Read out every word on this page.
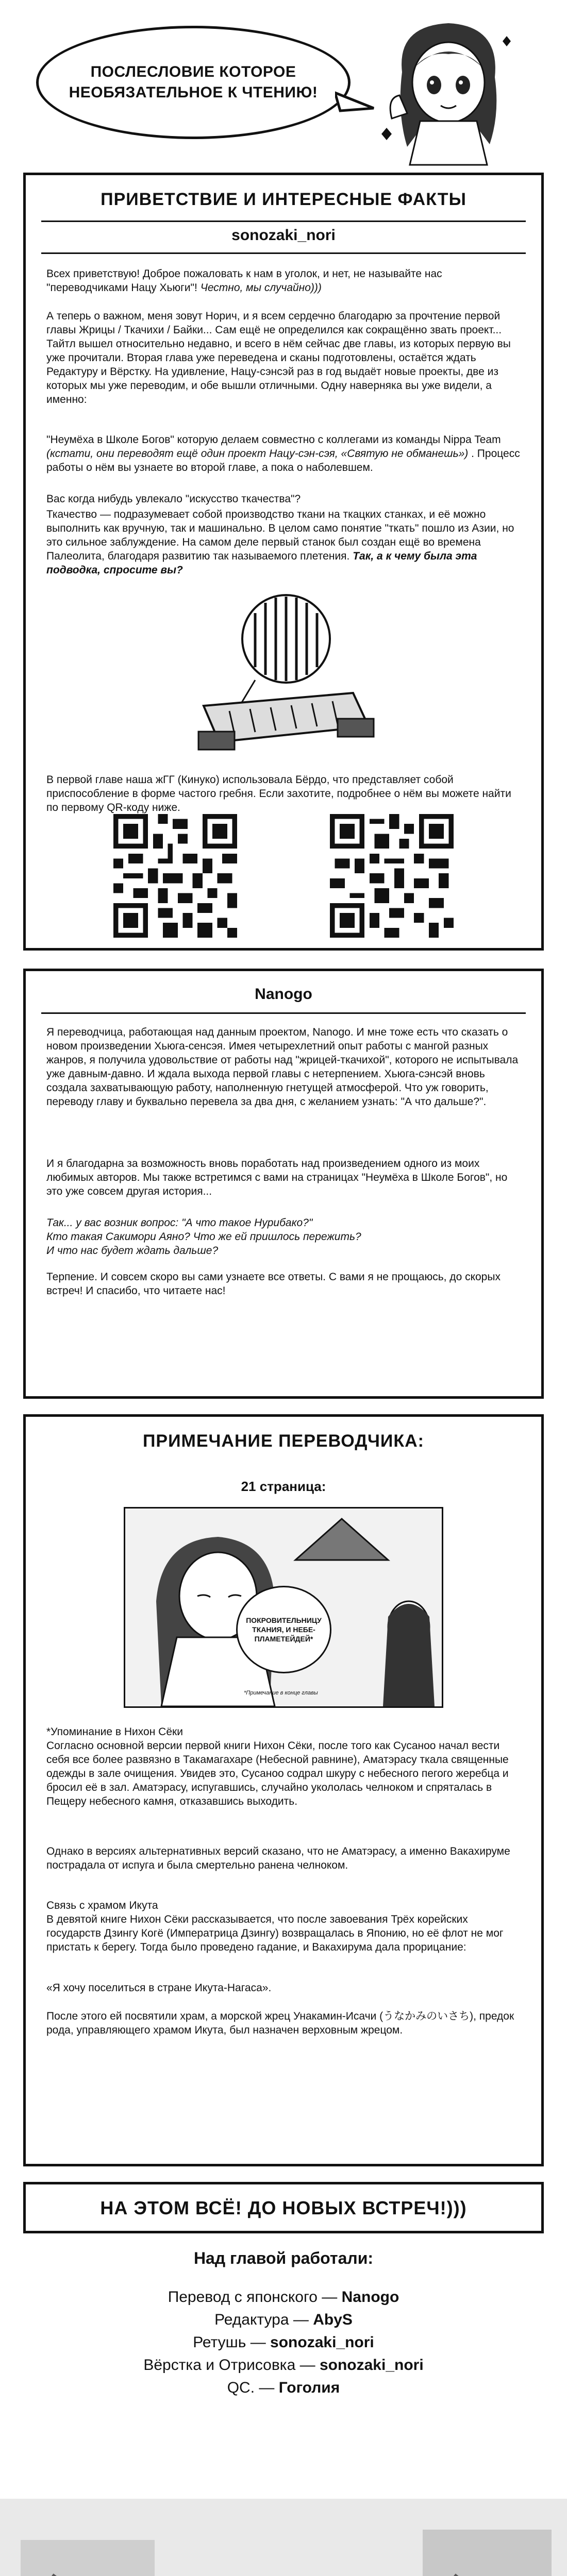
ПОСЛЕСЛОВИЕ КОТОРОЕ
НЕОБЯЗАТЕЛЬНОЕ К ЧТЕНИЮ!
ПРИВЕТСТВИЕ И ИНТЕРЕСНЫЕ ФАКТЫ
sonozaki_nori
Всех приветствую! Доброе пожаловать к нам в уголок, и нет, не называйте нас "переводчиками Нацу Хьюги"! Честно, мы случайно)))
А теперь о важном, меня зовут Норич, и я всем сердечно благодарю за прочтение первой главы Жрицы / Ткачихи / Байки... Сам ещё не определился как сокращённо звать проект... Тайтл вышел относительно недавно, и всего в нём сейчас две главы, из которых первую вы уже прочитали. Вторая глава уже переведена и сканы подготовлены, остаётся ждать Редактуру и Вёрстку. На удивление, Нацу-сэнсэй раз в год выдаёт новые проекты, две из которых мы уже переводим, и обе вышли отличными. Одну наверняка вы уже видели, а именно:
"Неумёха в Школе Богов" которую делаем совместно с коллегами из команды Nippa Team (кстати, они переводят ещё один проект Нацу-сэн-сэя, «Святую не обманешь») . Процесс работы о нём вы узнаете во второй главе, а пока о наболевшем.
Вас когда нибудь увлекало "искусство ткачества"?
Ткачество — подразумевает собой производство ткани на ткацких станках, и её можно выполнить как вручную, так и машинально. В целом само понятие "ткать" пошло из Азии, но это сильное заблуждение. На самом деле первый станок был создан ещё во времена Палеолита, благодаря развитию так называемого плетения. Так, а к чему была эта подводка, спросите вы?
В первой главе наша жГГ (Кинуко) использовала Бёрдо, что представляет собой приспособление в форме частого гребня. Если захотите, подробнее о нём вы можете найти по первому QR-коду ниже.
Nanogo
Я переводчица, работающая над данным проектом, Nanogo. И мне тоже есть что сказать о новом произведении Хьюга-сенсэя. Имея четырехлетний опыт работы с мангой разных жанров, я получила удовольствие от работы над "жрицей-ткачихой", которого не испытывала уже давным-давно. И ждала выхода первой главы с нетерпением. Хьюга-сэнсэй вновь создала захватывающую работу, наполненную гнетущей атмосферой. Что уж говорить, переводу главу и буквально перевела за два дня, с желанием узнать: "А что дальше?".
И я благодарна за возможность вновь поработать над произведением одного из моих любимых авторов. Мы также встретимся с вами на страницах "Неумёха в Школе Богов", но это уже совсем другая история...
Так... у вас возник вопрос: "А что такое Нурибако?"
Кто такая Сакимори Аяно? Что же ей пришлось пережить?
И что нас будет ждать дальше?
Терпение. И совсем скоро вы сами узнаете все ответы. С вами я не прощаюсь, до скорых встреч! И спасибо, что читаете нас!
ПРИМЕЧАНИЕ ПЕРЕВОДЧИКА:
21 страница:
ПОКРОВИТЕЛЬНИЦУ ТКАНИЯ, И НЕБЕ-ПЛАМЕТЕЙДЕЙ*
*Примечание в конце главы
*Упоминание в Нихон Сёки
Согласно основной версии первой книги Нихон Сёки, после того как Сусаноо начал вести себя все более развязно в Такамагахаре (Небесной равнине), Аматэрасу ткала священные одежды в зале очищения. Увидев это, Сусаноо содрал шкуру с небесного пегого жеребца и бросил её в зал. Аматэрасу, испугавшись, случайно укололась челноком и спряталась в Пещеру небесного камня, отказавшись выходить.
Однако в версиях альтернативных версий сказано, что не Аматэрасу, а именно Вакахируме пострадала от испуга и была смертельно ранена челноком.
Связь с храмом Икута
В девятой книге Нихон Сёки рассказывается, что после завоевания Трёх корейских государств Дзингу Когё (Императрица Дзингу) возвращалась в Японию, но её флот не мог пристать к берегу. Тогда было проведено гадание, и Вакахирума дала прорицание:
«Я хочу поселиться в стране Икута-Нагаса».
После этого ей посвятили храм, а морской жрец Унакамин-Исачи (うなかみのいさち), предок рода, управляющего храмом Икута, был назначен верховным жрецом.
НА ЭТОМ ВСЁ! ДО НОВЫХ ВСТРЕЧ!)))
Над главой работали:
Перевод с японского — Nanogo
Редактура — AbyS
Ретушь — sonozaki_nori
Вёрстка и Отрисовка — sonozaki_nori
QC. — Гоголия
